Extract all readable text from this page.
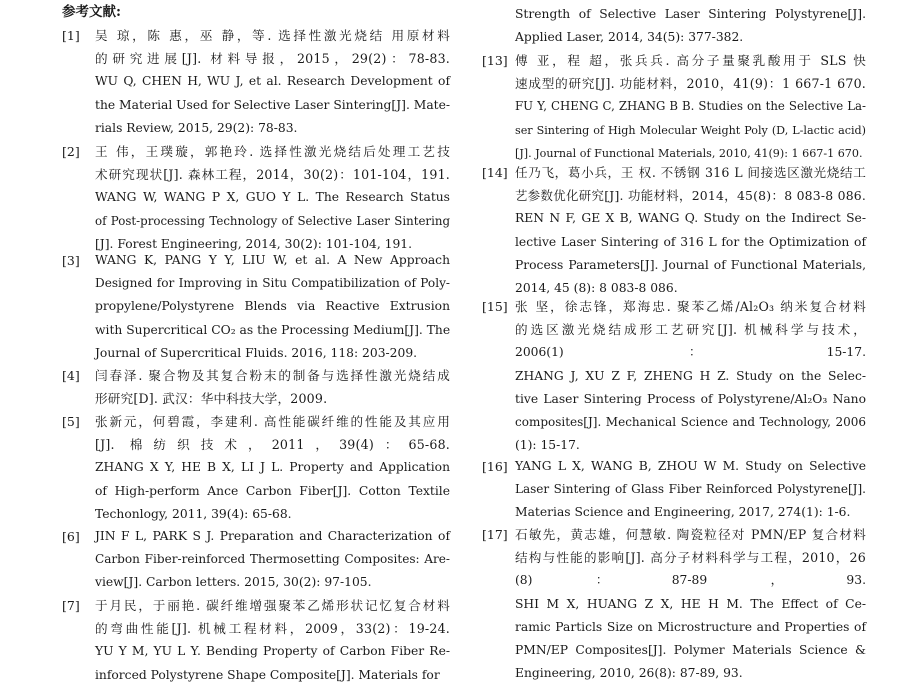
参考文献:
[1]	吴 琼，陈 惠，巫 静，等. 选择性激光烧结 用原材料
的研究进展[J]. 材料导报，2015，29(2)：78-83.
WU Q, CHEN H, WU J, et al. Research Development of
the Material Used for Selective Laser Sintering[J]. Mate-
rials Review, 2015, 29(2): 78-83.
[2]	王 伟，王璞璇，郭艳玲. 选择性激光烧结后处理工艺技
术研究现状[J]. 森林工程，2014，30(2)：101-104，191.
WANG W, WANG P X, GUO Y L. The Research Status
of Post-processing Technology of Selective Laser Sintering
[J]. Forest Engineering, 2014, 30(2): 101-104, 191.
[3]	WANG K, PANG Y Y, LIU W, et al. A New Approach
Designed for Improving in Situ Compatibilization of Poly-
propylene/Polystyrene Blends via Reactive Extrusion
with Supercritical CO₂ as the Processing Medium[J]. The
Journal of Supercritical Fluids. 2016, 118: 203-209.
[4]	闫春泽. 聚合物及其复合粉末的制备与选择性激光烧结成
形研究[D]. 武汉：华中科技大学，2009.
[5]	张新元，何碧霞，李建利. 高性能碳纤维的性能及其应用
[J]. 棉纺织技术，2011，39(4)：65-68.
ZHANG X Y, HE B X, LI J L. Property and Application
of High-perform Ance Carbon Fiber[J]. Cotton Textile
Techonlogy, 2011, 39(4): 65-68.
[6]	JIN F L, PARK S J. Preparation and Characterization of
Carbon Fiber-reinforced Thermosetting Composites: Are-
view[J]. Carbon letters. 2015, 30(2): 97-105.
[7]	于月民，于丽艳. 碳纤维增强聚苯乙烯形状记忆复合材料
的弯曲性能[J]. 机械工程材料，2009，33(2)：19-24.
YU Y M, YU L Y. Bending Property of Carbon Fiber Re-
inforced Polystyrene Shape Composite[J]. Materials for
Strength of Selective Laser Sintering Polystyrene[J].
Applied Laser, 2014, 34(5): 377-382.
[13] 傅 亚，程 超，张兵兵. 高分子量聚乳酸用于 SLS 快
速成型的研究[J]. 功能材料，2010，41(9)：1 667-1 670.
FU Y, CHENG C, ZHANG B B. Studies on the Selective La-
ser Sintering of High Molecular Weight Poly (D, L-lactic acid)
[J]. Journal of Functional Materials, 2010, 41(9): 1 667-1 670.
[14] 任乃飞，葛小兵，王 权. 不锈钢 316 L 间接选区激光烧结工
艺参数优化研究[J]. 功能材料，2014，45(8)：8 083-8 086.
REN N F, GE X B, WANG Q. Study on the Indirect Se-
lective Laser Sintering of 316 L for the Optimization of
Process Parameters[J]. Journal of Functional Materials,
2014, 45 (8): 8 083-8 086.
[15] 张 坚，徐志锋，郑海忠. 聚苯乙烯/Al₂O₃ 纳米复合材料
的选区激光烧结成形工艺研究[J]. 机械科学与技术，
2006(1)：15-17.
ZHANG J, XU Z F, ZHENG H Z. Study on the Selec-
tive Laser Sintering Process of Polystyrene/Al₂O₃ Nano
composites[J]. Mechanical Science and Technology, 2006
(1): 15-17.
[16] YANG L X, WANG B, ZHOU W M. Study on Selective
Laser Sintering of Glass Fiber Reinforced Polystyrene[J].
Materias Science and Engineering, 2017, 274(1): 1-6.
[17] 石敏先，黄志雄，何慧敏. 陶瓷粒径对 PMN/EP 复合材料
结构与性能的影响[J]. 高分子材料科学与工程，2010，26
(8)：87-89，93.
SHI M X, HUANG Z X, HE H M. The Effect of Ce-
ramic Particls Size on Microstructure and Properties of
PMN/EP Composites[J]. Polymer Materials Science &
Engineering, 2010, 26(8): 87-89, 93.
